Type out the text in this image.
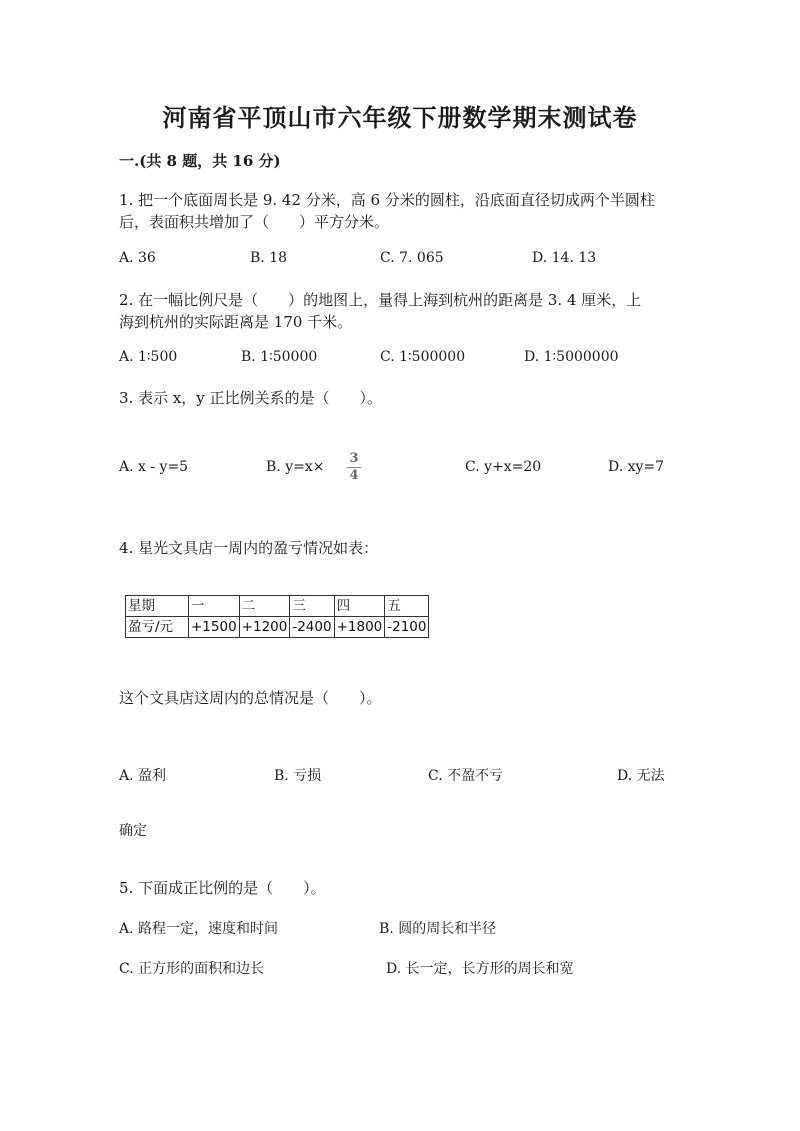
河南省平顶山市六年级下册数学期末测试卷
一.(共 8 题，共 16 分)
1. 把一个底面周长是 9. 42 分米，高 6 分米的圆柱，沿底面直径切成两个半圆柱
后，表面积共增加了（　　）平方分米。
A. 36	B. 18	C. 7. 065	D. 14. 13
2. 在一幅比例尺是（　　）的地图上，量得上海到杭州的距离是 3. 4 厘米，上
海到杭州的实际距离是 170 千米。
A. 1∶500	B. 1∶50000	C. 1∶500000	D. 1∶5000000
3. 表示 x，y 正比例关系的是（　　）。
A. x - y=5	B. y=x×
3
4
C. y+x=20	D. xy=7
4. 星光文具店一周内的盈亏情况如表：
星期	一	二	三	四	五
盈亏/元	+1500	+1200	-2400	+1800	-2100
这个文具店这周内的总情况是（　　）。
A. 盈利	B. 亏损	C. 不盈不亏	D. 无法
确定
5. 下面成正比例的是（　　）。
A. 路程一定，速度和时间	B. 圆的周长和半径
C. 正方形的面积和边长	D. 长一定，长方形的周长和宽
